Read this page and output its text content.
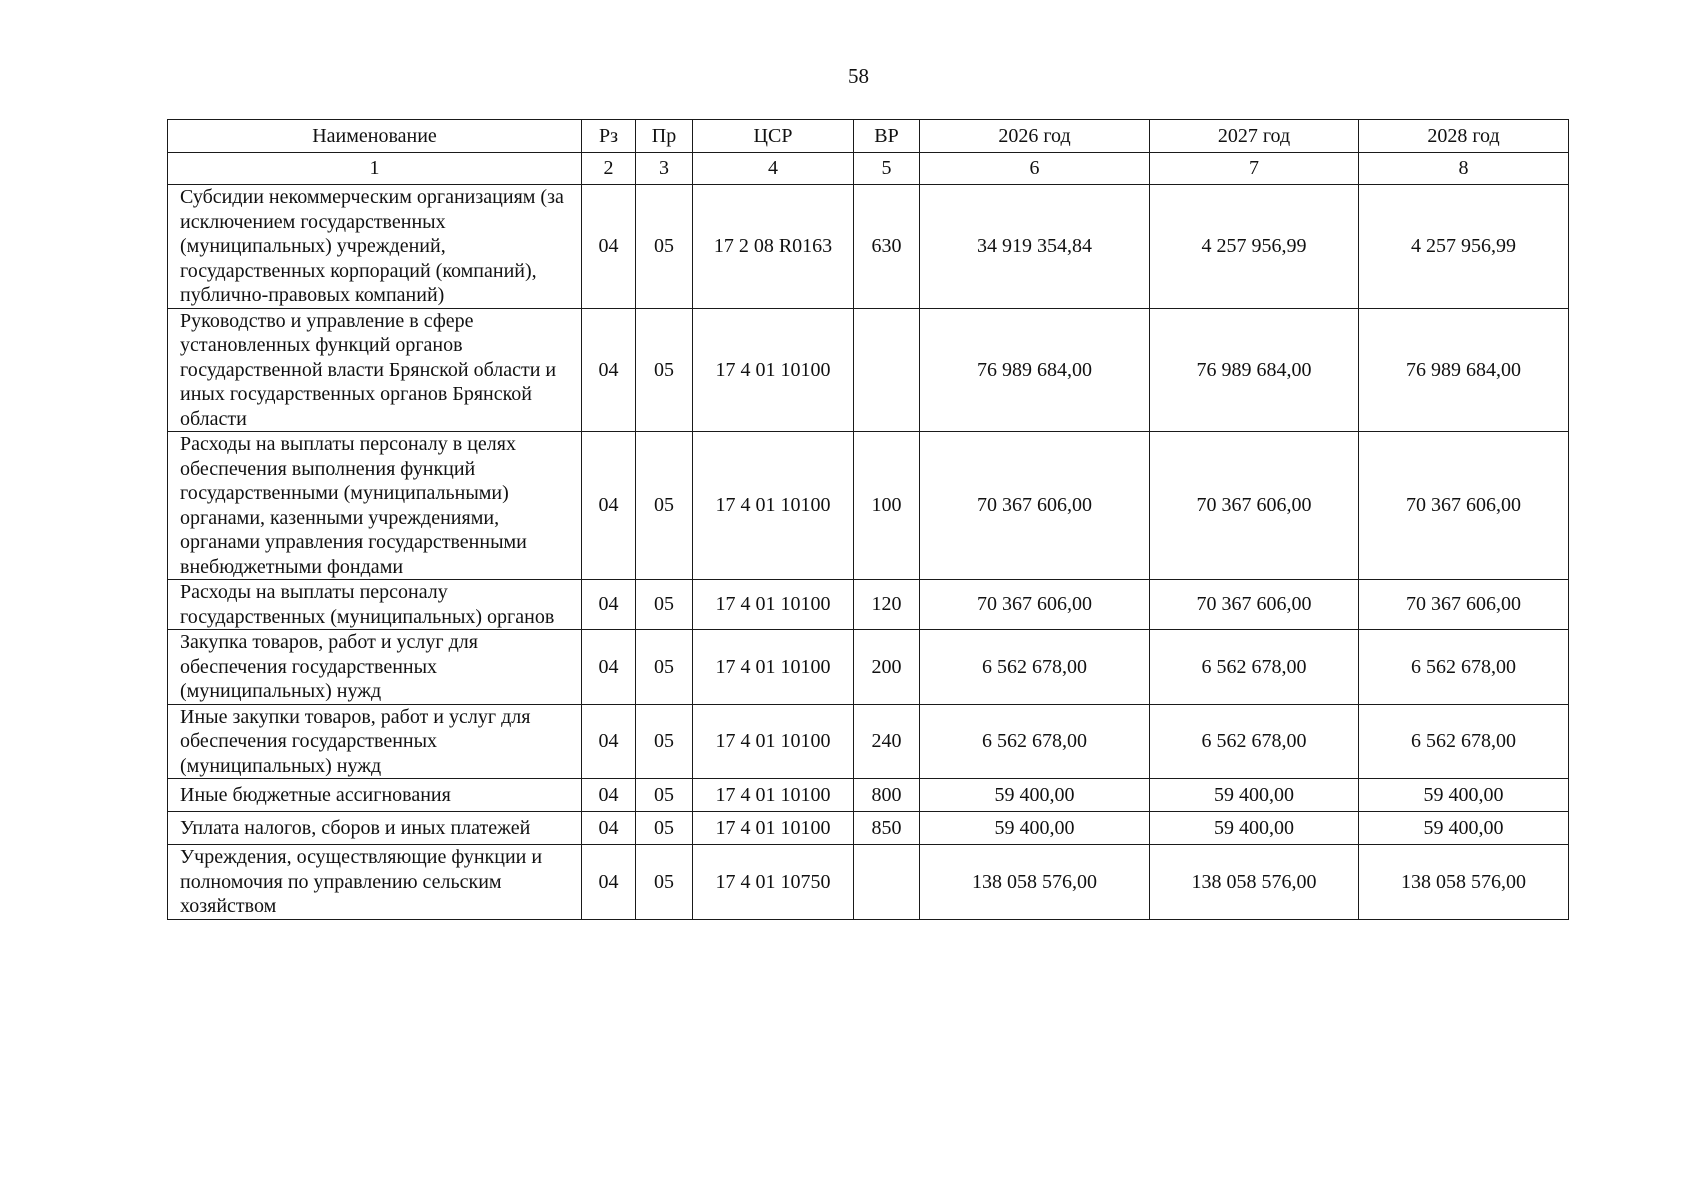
58
Наименование	Рз	Пр	ЦСР	ВР	2026 год	2027 год	2028 год
1	2	3	4	5	6	7	8
Субсидии некоммерческим организациям (за исключением государственных (муниципальных) учреждений, государственных корпораций (компаний), публично-правовых компаний)	04	05	17 2 08 R0163	630	34 919 354,84	4 257 956,99	4 257 956,99
Руководство и управление в сфере установленных функций органов государственной власти Брянской области и иных государственных органов Брянской области	04	05	17 4 01 10100		76 989 684,00	76 989 684,00	76 989 684,00
Расходы на выплаты персоналу в целях обеспечения выполнения функций государственными (муниципальными) органами, казенными учреждениями, органами управления государственными внебюджетными фондами	04	05	17 4 01 10100	100	70 367 606,00	70 367 606,00	70 367 606,00
Расходы на выплаты персоналу государственных (муниципальных) органов	04	05	17 4 01 10100	120	70 367 606,00	70 367 606,00	70 367 606,00
Закупка товаров, работ и услуг для обеспечения государственных (муниципальных) нужд	04	05	17 4 01 10100	200	6 562 678,00	6 562 678,00	6 562 678,00
Иные закупки товаров, работ и услуг для обеспечения государственных (муниципальных) нужд	04	05	17 4 01 10100	240	6 562 678,00	6 562 678,00	6 562 678,00
Иные бюджетные ассигнования	04	05	17 4 01 10100	800	59 400,00	59 400,00	59 400,00
Уплата налогов, сборов и иных платежей	04	05	17 4 01 10100	850	59 400,00	59 400,00	59 400,00
Учреждения, осуществляющие функции и полномочия по управлению сельским хозяйством	04	05	17 4 01 10750		138 058 576,00	138 058 576,00	138 058 576,00
